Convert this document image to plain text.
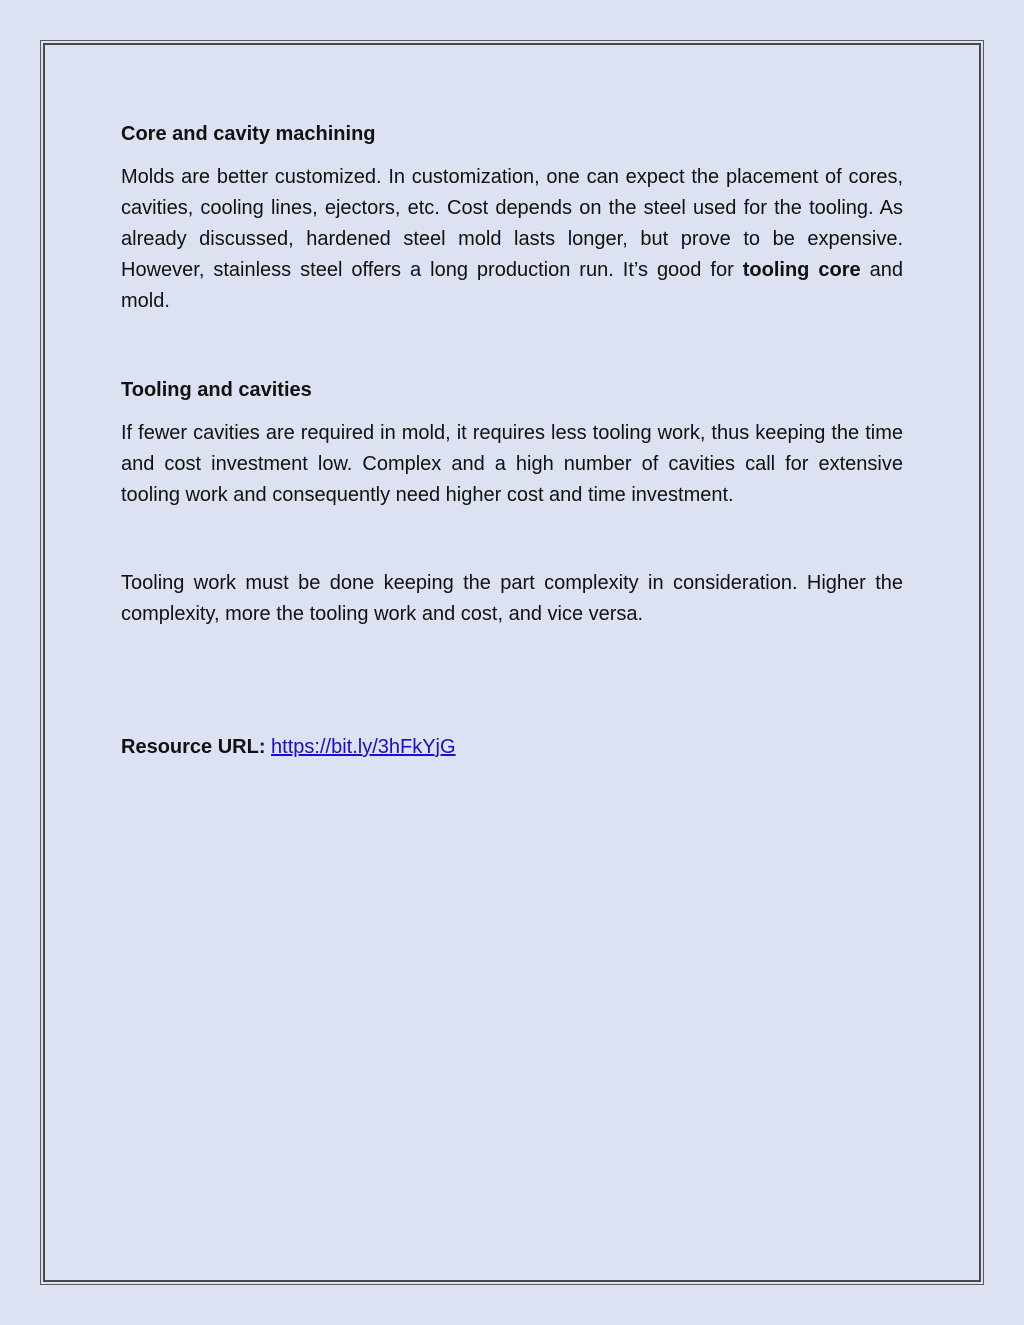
Core and cavity machining

Molds are better customized. In customization, one can expect the placement of cores, cavities, cooling lines, ejectors, etc. Cost depends on the steel used for the tooling. As already discussed, hardened steel mold lasts longer, but prove to be expensive. However, stainless steel offers a long production run. It’s good for tooling core and mold.

Tooling and cavities

If fewer cavities are required in mold, it requires less tooling work, thus keeping the time and cost investment low. Complex and a high number of cavities call for extensive tooling work and consequently need higher cost and time investment.

Tooling work must be done keeping the part complexity in consideration. Higher the complexity, more the tooling work and cost, and vice versa.

Resource URL: https://bit.ly/3hFkYjG
